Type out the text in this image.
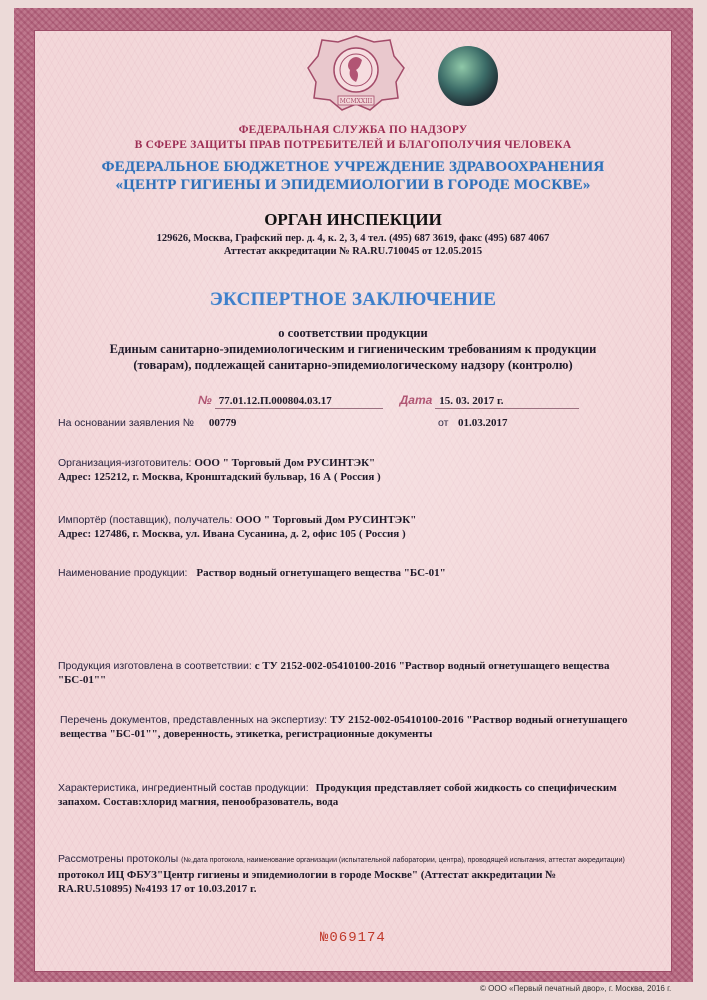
MCMXXIII
ФЕДЕРАЛЬНАЯ СЛУЖБА ПО НАДЗОРУ
В СФЕРЕ ЗАЩИТЫ ПРАВ ПОТРЕБИТЕЛЕЙ И БЛАГОПОЛУЧИЯ ЧЕЛОВЕКА
ФЕДЕРАЛЬНОЕ БЮДЖЕТНОЕ УЧРЕЖДЕНИЕ ЗДРАВООХРАНЕНИЯ
«ЦЕНТР ГИГИЕНЫ И ЭПИДЕМИОЛОГИИ В ГОРОДЕ МОСКВЕ»
ОРГАН ИНСПЕКЦИИ
129626, Москва, Графский пер. д. 4, к. 2, 3, 4 тел. (495) 687 3619, факс (495) 687 4067
Аттестат аккредитации № RA.RU.710045 от 12.05.2015
ЭКСПЕРТНОЕ ЗАКЛЮЧЕНИЕ
о соответствии продукции
Единым санитарно-эпидемиологическим и гигиеническим требованиям к продукции
(товарам), подлежащей санитарно-эпидемиологическому надзору (контролю)
№ 77.01.12.П.000804.03.17	Дата 15. 03. 2017 г.
На основании заявления № 00779	от 01.03.2017
Организация-изготовитель: ООО " Торговый Дом РУСИНТЭК"
Адрес: 125212, г. Москва, Кронштадский бульвар, 16 А ( Россия )
Импортёр (поставщик), получатель: ООО " Торговый Дом РУСИНТЭК"
Адрес: 127486, г. Москва, ул. Ивана Сусанина, д. 2, офис 105 ( Россия )
Наименование продукции: Раствор водный огнетушащего вещества "БС-01"
Продукция изготовлена в соответствии: с ТУ 2152-002-05410100-2016 "Раствор водный огнетушащего вещества
"БС-01""
Перечень документов, представленных на экспертизу: ТУ 2152-002-05410100-2016 "Раствор водный огнетушащего
вещества "БС-01"", доверенность, этикетка, регистрационные документы
Характеристика, ингредиентный состав продукции: Продукция представляет собой жидкость со специфическим
запахом. Состав:хлорид магния, пенообразователь, вода
Рассмотрены протоколы (№,дата протокола, наименование организации (испытательной лаборатории, центра), проводящей испытания, аттестат аккредитации)
протокол ИЦ ФБУЗ"Центр гигиены и эпидемиологии в городе Москве" (Аттестат аккредитации №
RA.RU.510895) №4193 17 от 10.03.2017 г.
№069174
© ООО «Первый печатный двор», г. Москва, 2016 г.
